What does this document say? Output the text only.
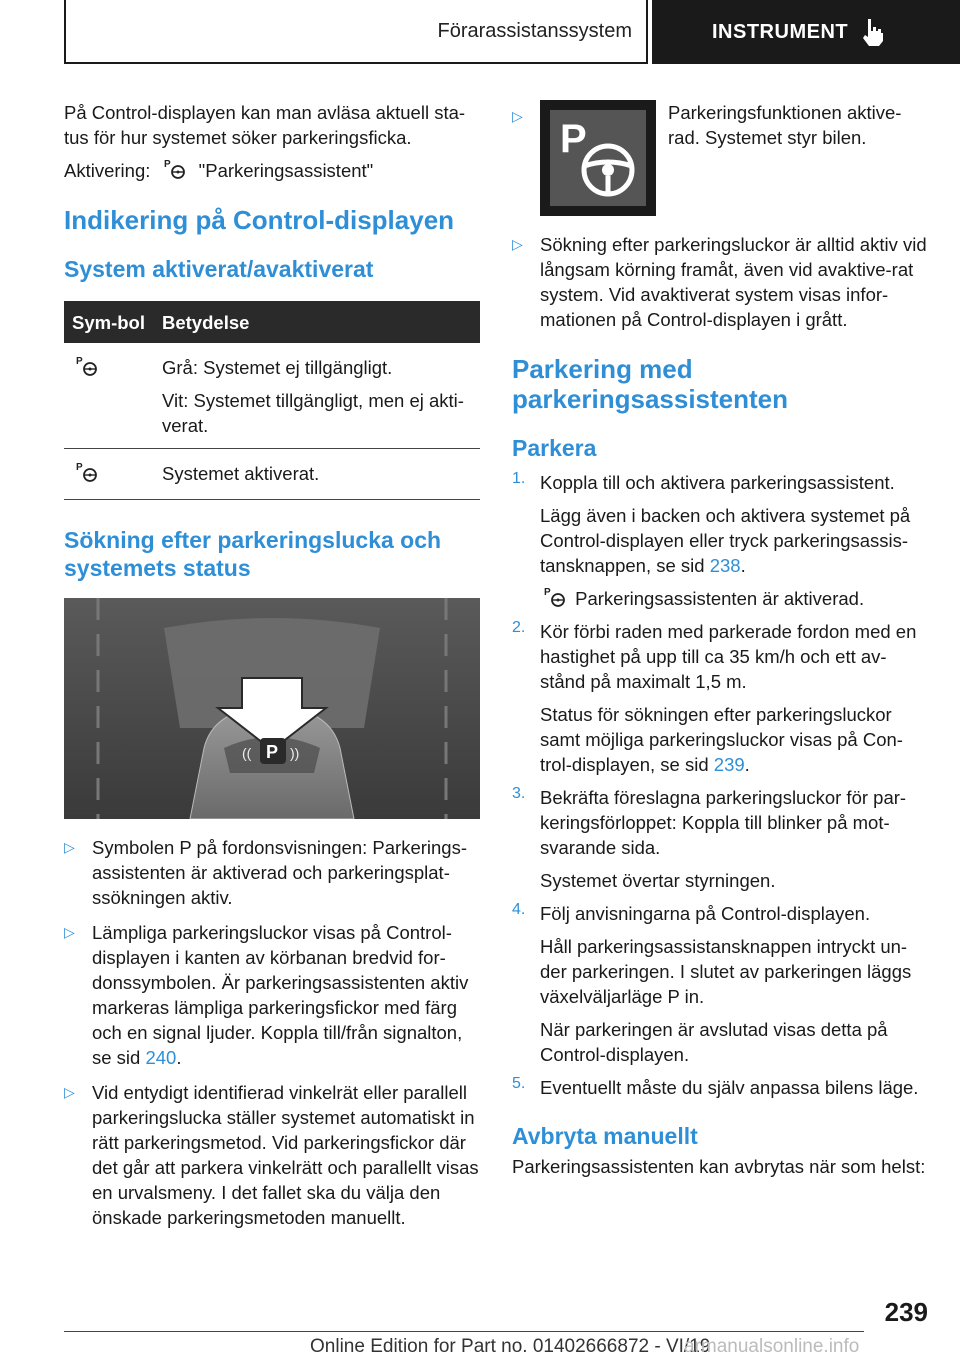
Förarassistanssystem	INSTRUMENT

På Control-displayen kan man avläsa aktuell sta-tus för hur systemet söker parkeringsficka.

Aktivering: P "Parkeringsassistent"

Indikering på Control-displayen
System aktiverat/avaktiverat
Sym-bol	Betydelse

P	Grå: Systemet ej tillgängligt.
Vit: Systemet tillgängligt, men ej akti-verat.

P	Systemet aktiverat.
Sökning efter parkeringslucka och systemets status
P
((	))
▷ Symbolen P på fordonsvisningen: Parkerings-assistenten är aktiverad och parkeringsplat-ssökningen aktiv.

▷ Lämpliga parkeringsluckor visas på Control-displayen i kanten av körbanan bredvid for-donssymbolen. Är parkeringsassistenten aktiv markeras lämpliga parkeringsfickor med färg och en signal ljuder. Koppla till/från signalton, se sid 240.

▷ Vid entydigt identifierad vinkelrät eller parallell parkeringslucka ställer systemet automatiskt in rätt parkeringsmetod. Vid parkeringsfickor där det går att parkera vinkelrätt och parallellt visas en urvalsmeny. I det fallet ska du välja den önskade parkeringsmetoden manuellt.

▷
P

Parkeringsfunktionen aktive-rad. Systemet styr bilen.

▷ Sökning efter parkeringsluckor är alltid aktiv vid långsam körning framåt, även vid avaktive-rat system. Vid avaktiverat system visas infor-mationen på Control-displayen i grått.

Parkering med parkeringsassistenten
Parkera
1. Koppla till och aktivera parkeringsassistent.

Lägg även i backen och aktivera systemet på Control-displayen eller tryck parkeringsassis-tansknappen, se sid 238.

P Parkeringsassistenten är aktiverad.

2. Kör förbi raden med parkerade fordon med en hastighet på upp till ca 35 km/h och ett av-stånd på maximalt 1,5 m.

Status för sökningen efter parkeringsluckor samt möjliga parkeringsluckor visas på Con-trol-displayen, se sid 239.

3. Bekräfta föreslagna parkeringsluckor för par-keringsförloppet: Koppla till blinker på mot-svarande sida.

Systemet övertar styrningen.

4. Följ anvisningarna på Control-displayen.

Håll parkeringsassistansknappen intryckt un-der parkeringen. I slutet av parkeringen läggs växelväljarläge P in.

När parkeringen är avslutad visas detta på Control-displayen.

5. Eventuellt måste du själv anpassa bilens läge.

Avbryta manuellt

Parkeringsassistenten kan avbrytas när som helst:

239
Online Edition for Part no. 01402666872 - VI/19
armanualsonline.info
